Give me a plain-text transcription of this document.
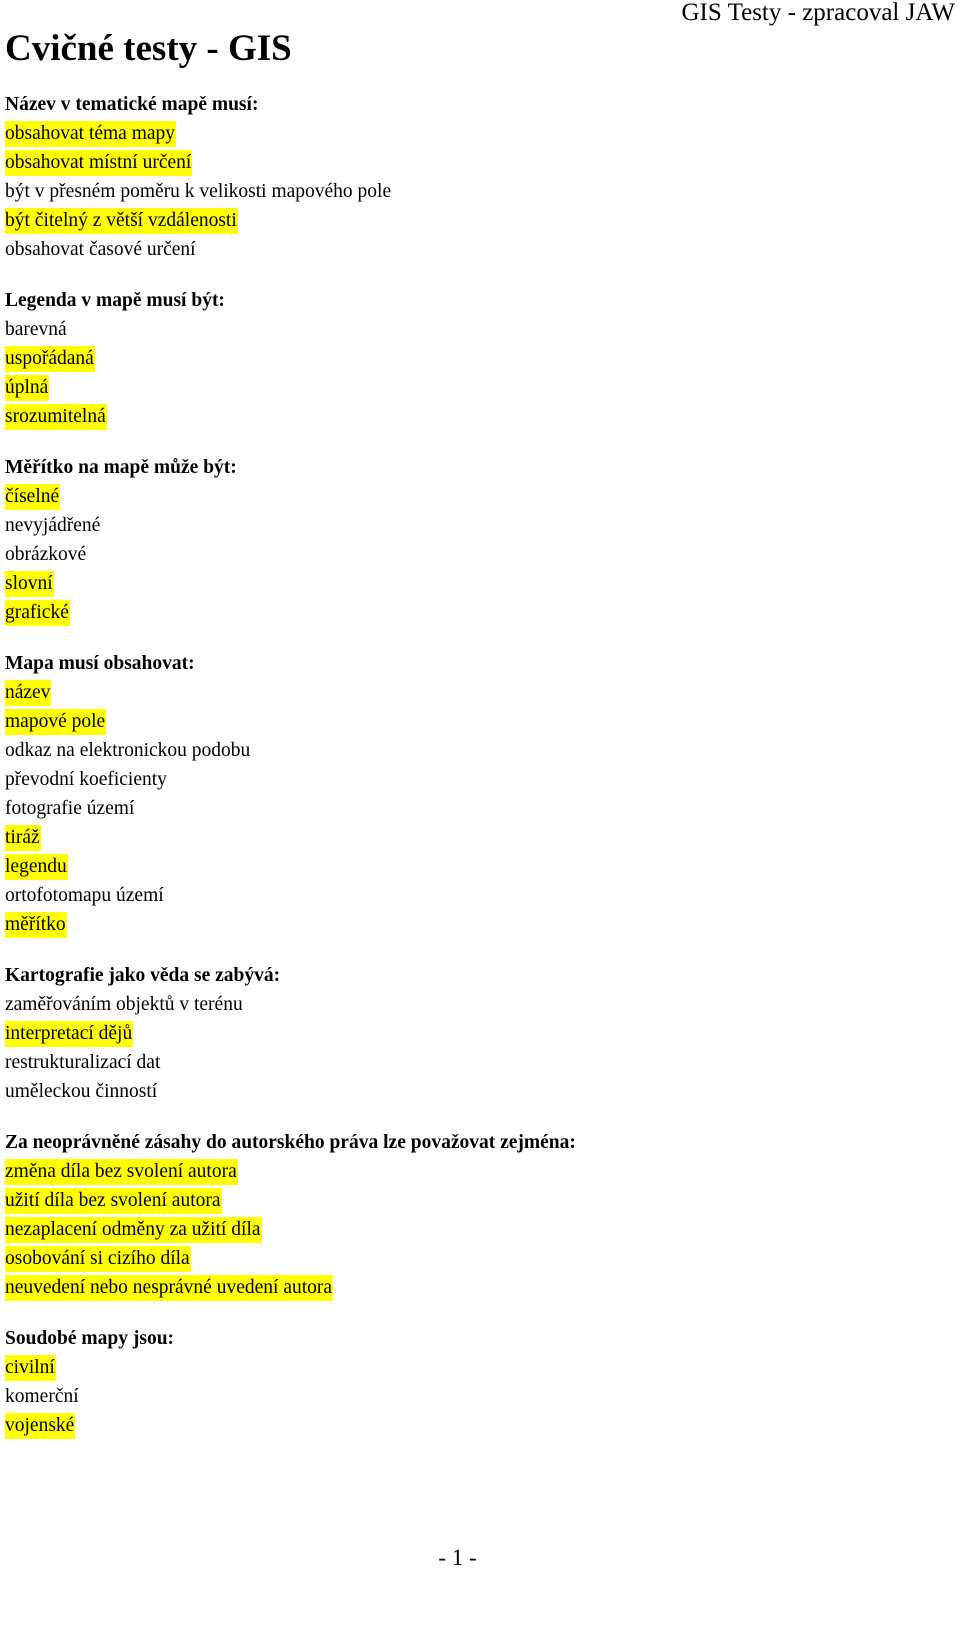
GIS Testy - zpracoval JAW
Cvičné testy - GIS
Název v tematické mapě musí:
obsahovat téma mapy
obsahovat místní určení
být v přesném poměru k velikosti mapového pole
být čitelný z větší vzdálenosti
obsahovat časové určení
Legenda v mapě musí být:
barevná
uspořádaná
úplná
srozumitelná
Měřítko na mapě může být:
číselné
nevyjádřené
obrázkové
slovní
grafické
Mapa musí obsahovat:
název
mapové pole
odkaz na elektronickou podobu
převodní koeficienty
fotografie území
tiráž
legendu
ortofotomapu území
měřítko
Kartografie jako věda se zabývá:
zaměřováním objektů v terénu
interpretací dějů
restrukturalizací dat
uměleckou činností
Za neoprávněné zásahy do autorského práva lze považovat zejména:
změna díla bez svolení autora
užití díla bez svolení autora
nezaplacení odměny za užití díla
osobování si cizího díla
neuvedení nebo nesprávné uvedení autora
Soudobé mapy jsou:
civilní
komerční
vojenské
- 1 -
